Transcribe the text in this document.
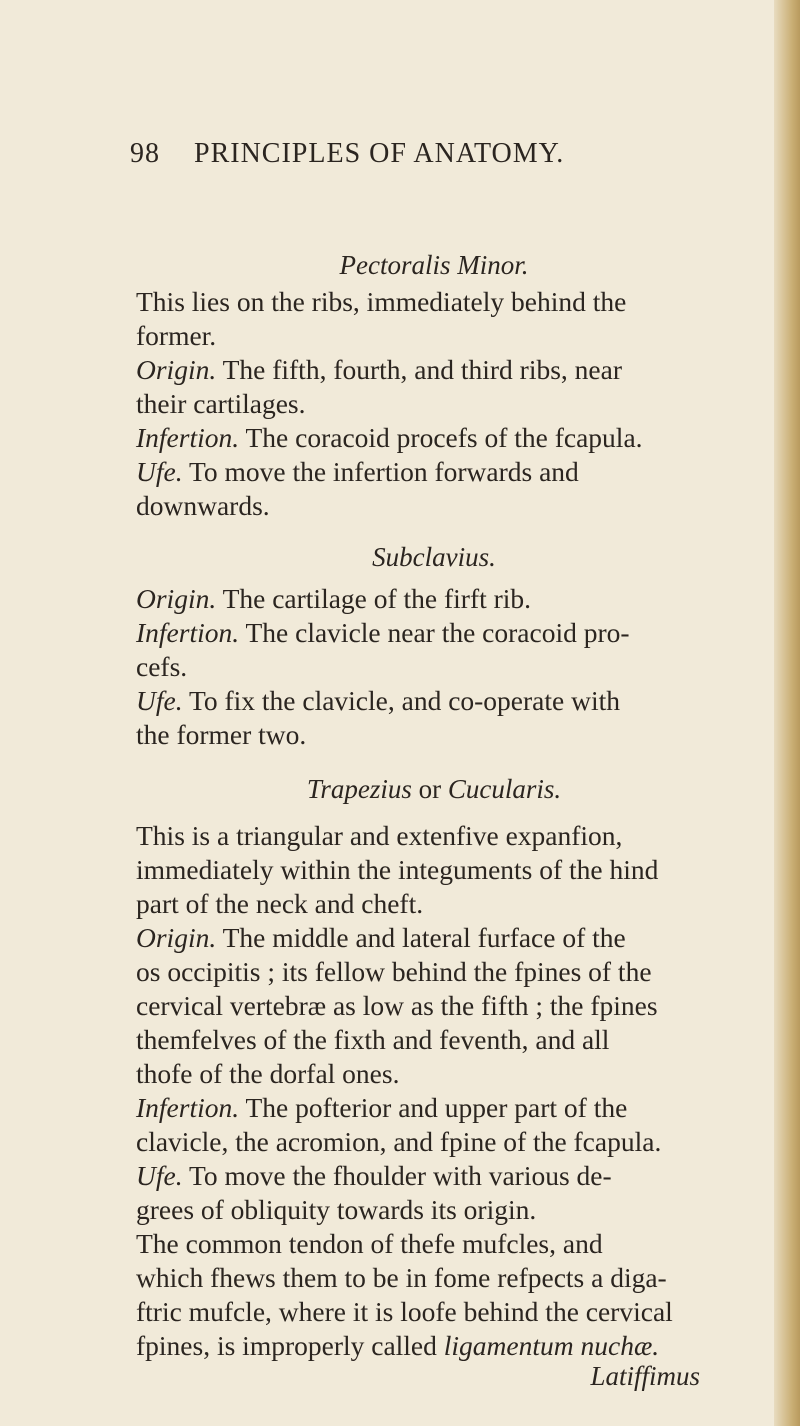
98 PRINCIPLES OF ANATOMY.
Pectoralis Minor.
This lies on the ribs, immediately behind the
former.
Origin. The fifth, fourth, and third ribs, near
their cartilages.
Infertion. The coracoid procefs of the fcapula.
Ufe. To move the infertion forwards and
downwards.
Subclavius.
Origin. The cartilage of the firft rib.
Infertion. The clavicle near the coracoid pro-
cefs.
Ufe. To fix the clavicle, and co-operate with
the former two.
Trapezius or Cucularis.
This is a triangular and extenfive expanfion,
immediately within the integuments of the hind
part of the neck and cheft.
Origin. The middle and lateral furface of the
os occipitis ; its fellow behind the fpines of the
cervical vertebræ as low as the fifth ; the fpines
themfelves of the fixth and feventh, and all
thofe of the dorfal ones.
Infertion. The pofterior and upper part of the
clavicle, the acromion, and fpine of the fcapula.
Ufe. To move the fhoulder with various de-
grees of obliquity towards its origin.
The common tendon of thefe mufcles, and
which fhews them to be in fome refpects a diga-
ftric mufcle, where it is loofe behind the cervical
fpines, is improperly called ligamentum nuchæ.
Latiffimus
